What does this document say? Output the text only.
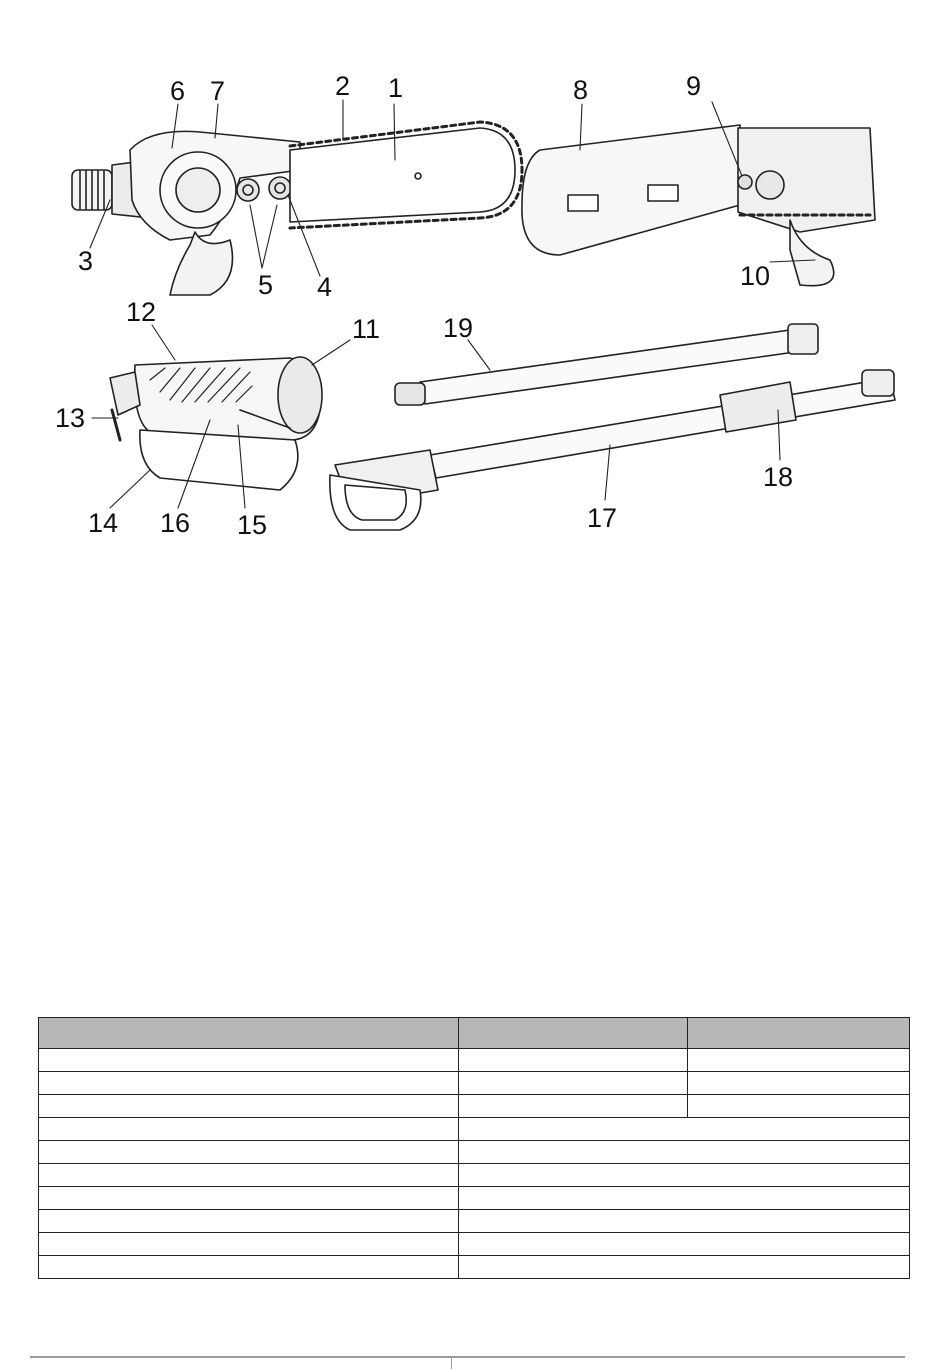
1
2
3
4
5
6 7	8	9
10
11
12
13
14	15
16	17
18
19
